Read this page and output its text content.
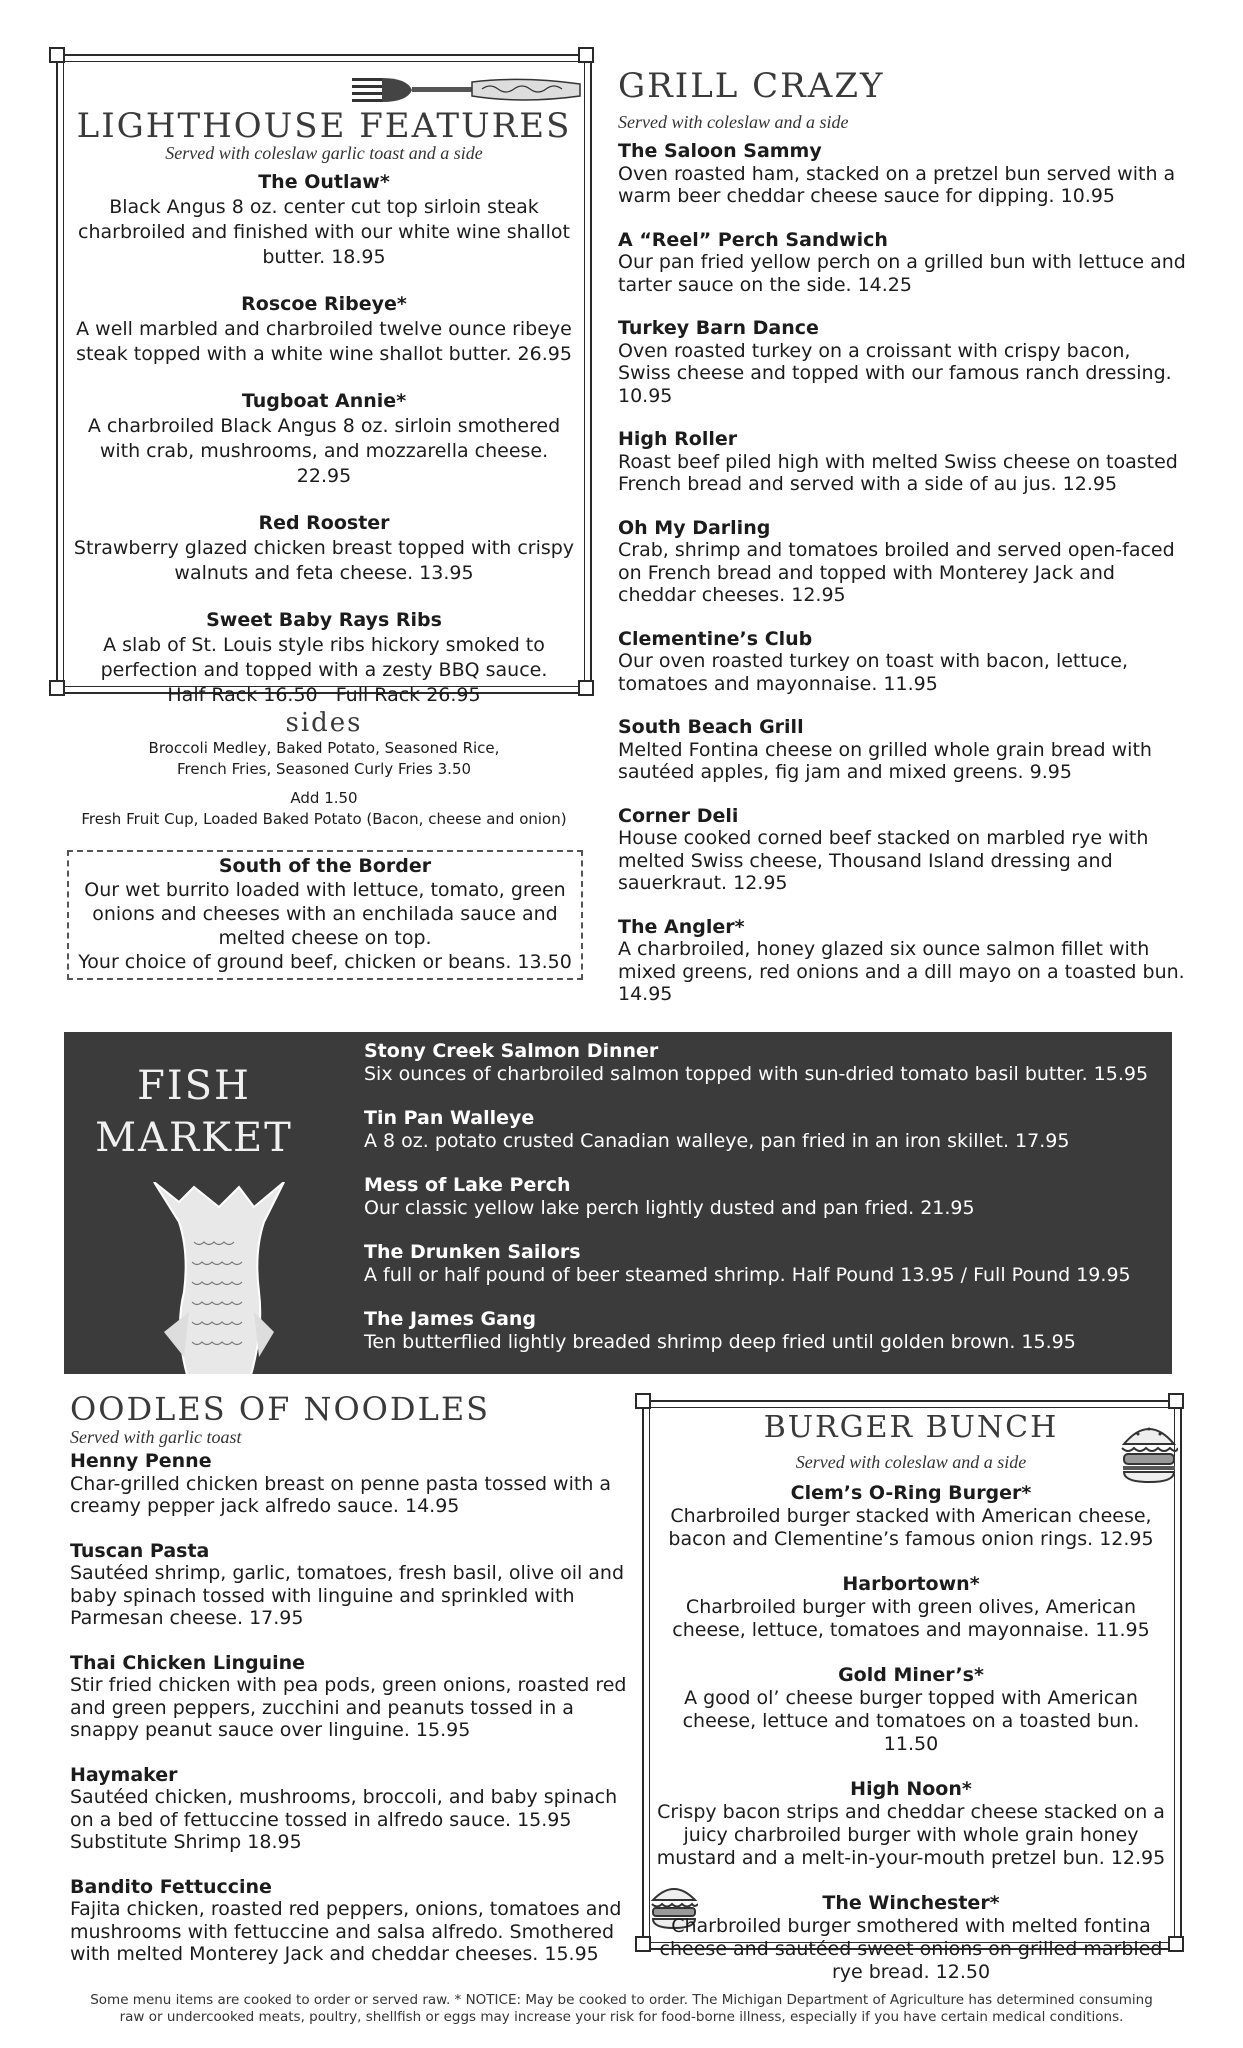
LIGHTHOUSE FEATURES
Served with coleslaw garlic toast and a side
The Outlaw*
Black Angus 8 oz. center cut top sirloin steak charbroiled and finished with our white wine shallot butter. 18.95
Roscoe Ribeye*
A well marbled and charbroiled twelve ounce ribeye steak topped with a white wine shallot butter. 26.95
Tugboat Annie*
A charbroiled Black Angus 8 oz. sirloin smothered with crab, mushrooms, and mozzarella cheese. 22.95
Red Rooster
Strawberry glazed chicken breast topped with crispy walnuts and feta cheese. 13.95
Sweet Baby Rays Ribs
A slab of St. Louis style ribs hickory smoked to perfection and topped with a zesty BBQ sauce.
Half Rack 16.50   Full Rack 26.95
sides
Broccoli Medley, Baked Potato, Seasoned Rice,
French Fries, Seasoned Curly Fries 3.50
Add 1.50
Fresh Fruit Cup, Loaded Baked Potato (Bacon, cheese and onion)
South of the Border
Our wet burrito loaded with lettuce, tomato, green onions and cheeses with an enchilada sauce and melted cheese on top.
Your choice of ground beef, chicken or beans. 13.50
GRILL CRAZY
Served with coleslaw and a side
The Saloon Sammy
Oven roasted ham, stacked on a pretzel bun served with a warm beer cheddar cheese sauce for dipping. 10.95
A “Reel” Perch Sandwich
Our pan fried yellow perch on a grilled bun with lettuce and tarter sauce on the side. 14.25
Turkey Barn Dance
Oven roasted turkey on a croissant with crispy bacon, Swiss cheese and topped with our famous ranch dressing. 10.95
High Roller
Roast beef piled high with melted Swiss cheese on toasted French bread and served with a side of au jus. 12.95
Oh My Darling
Crab, shrimp and tomatoes broiled and served open-faced on French bread and topped with Monterey Jack and cheddar cheeses. 12.95
Clementine’s Club
Our oven roasted turkey on toast with bacon, lettuce, tomatoes and mayonnaise. 11.95
South Beach Grill
Melted Fontina cheese on grilled whole grain bread with sautéed apples, fig jam and mixed greens. 9.95
Corner Deli
House cooked corned beef stacked on marbled rye with melted Swiss cheese, Thousand Island dressing and sauerkraut. 12.95
The Angler*
A charbroiled, honey glazed six ounce salmon fillet with mixed greens, red onions and a dill mayo on a toasted bun. 14.95
FISH
MARKET
Stony Creek Salmon Dinner
Six ounces of charbroiled salmon topped with sun-dried tomato basil butter. 15.95
Tin Pan Walleye
A 8 oz. potato crusted Canadian walleye, pan fried in an iron skillet. 17.95
Mess of Lake Perch
Our classic yellow lake perch lightly dusted and pan fried. 21.95
The Drunken Sailors
A full or half pound of beer steamed shrimp. Half Pound 13.95 / Full Pound 19.95
The James Gang
Ten butterflied lightly breaded shrimp deep fried until golden brown. 15.95
OODLES OF NOODLES
Served with garlic toast
Henny Penne
Char-grilled chicken breast on penne pasta tossed with a creamy pepper jack alfredo sauce. 14.95
Tuscan Pasta
Sautéed shrimp, garlic, tomatoes, fresh basil, olive oil and baby spinach tossed with linguine and sprinkled with Parmesan cheese. 17.95
Thai Chicken Linguine
Stir fried chicken with pea pods, green onions, roasted red and green peppers, zucchini and peanuts tossed in a snappy peanut sauce over linguine. 15.95
Haymaker
Sautéed chicken, mushrooms, broccoli, and baby spinach on a bed of fettuccine tossed in alfredo sauce. 15.95
Substitute Shrimp 18.95
Bandito Fettuccine
Fajita chicken, roasted red peppers, onions, tomatoes and mushrooms with fettuccine and salsa alfredo. Smothered with melted Monterey Jack and cheddar cheeses. 15.95
BURGER BUNCH
Served with coleslaw and a side
Clem’s O-Ring Burger*
Charbroiled burger stacked with American cheese, bacon and Clementine’s famous onion rings. 12.95
Harbortown*
Charbroiled burger with green olives, American cheese, lettuce, tomatoes and mayonnaise. 11.95
Gold Miner’s*
A good ol’ cheese burger topped with American cheese, lettuce and tomatoes on a toasted bun. 11.50
High Noon*
Crispy bacon strips and cheddar cheese stacked on a juicy charbroiled burger with whole grain honey mustard and a melt-in-your-mouth pretzel bun. 12.95
The Winchester*
Charbroiled burger smothered with melted fontina cheese and sautéed sweet onions on grilled marbled rye bread. 12.50
Some menu items are cooked to order or served raw. * NOTICE: May be cooked to order. The Michigan Department of Agriculture has determined consuming
raw or undercooked meats, poultry, shellfish or eggs may increase your risk for food-borne illness, especially if you have certain medical conditions.
